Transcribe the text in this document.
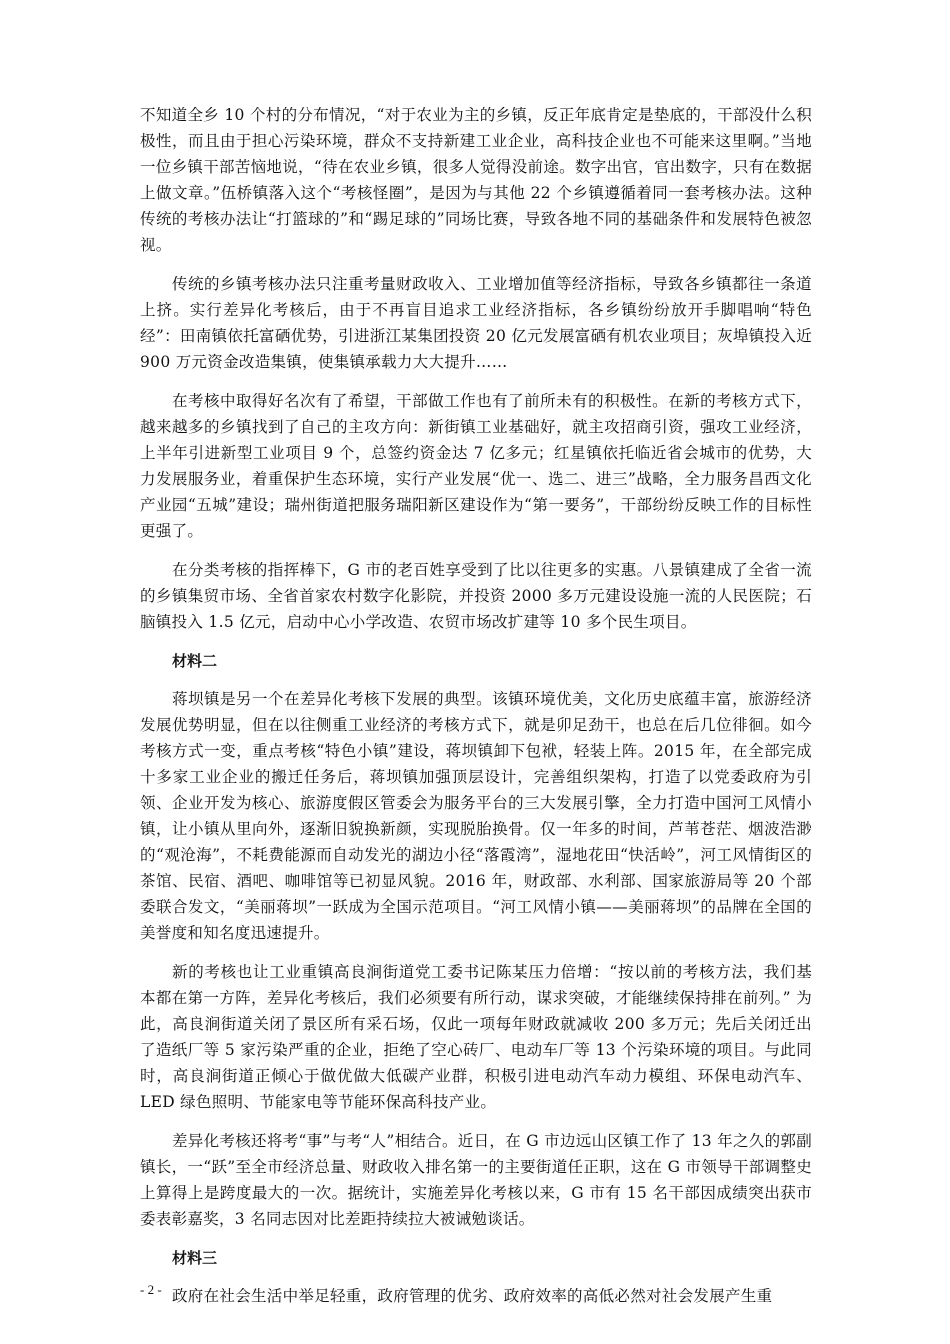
不知道全乡 10 个村的分布情况，“对于农业为主的乡镇，反正年底肯定是垫底的，干部没什么积极性，而且由于担心污染环境，群众不支持新建工业企业，高科技企业也不可能来这里啊。”当地一位乡镇干部苦恼地说，“待在农业乡镇，很多人觉得没前途。数字出官，官出数字，只有在数据上做文章。”伍桥镇落入这个“考核怪圈”，是因为与其他 22 个乡镇遵循着同一套考核办法。这种传统的考核办法让“打篮球的”和“踢足球的”同场比赛，导致各地不同的基础条件和发展特色被忽视。

传统的乡镇考核办法只注重考量财政收入、工业增加值等经济指标，导致各乡镇都往一条道上挤。实行差异化考核后，由于不再盲目追求工业经济指标，各乡镇纷纷放开手脚唱响“特色经”：田南镇依托富硒优势，引进浙江某集团投资 20 亿元发展富硒有机农业项目；灰埠镇投入近 900 万元资金改造集镇，使集镇承载力大大提升……

在考核中取得好名次有了希望，干部做工作也有了前所未有的积极性。在新的考核方式下，越来越多的乡镇找到了自己的主攻方向：新街镇工业基础好，就主攻招商引资，强攻工业经济，上半年引进新型工业项目 9 个，总签约资金达 7 亿多元；红星镇依托临近省会城市的优势，大力发展服务业，着重保护生态环境，实行产业发展“优一、选二、进三”战略，全力服务昌西文化产业园“五城”建设；瑞州街道把服务瑞阳新区建设作为“第一要务”，干部纷纷反映工作的目标性更强了。

在分类考核的指挥棒下，G 市的老百姓享受到了比以往更多的实惠。八景镇建成了全省一流的乡镇集贸市场、全省首家农村数字化影院，并投资 2000 多万元建设设施一流的人民医院；石脑镇投入 1.5 亿元，启动中心小学改造、农贸市场改扩建等 10 多个民生项目。

材料二

蒋坝镇是另一个在差异化考核下发展的典型。该镇环境优美，文化历史底蕴丰富，旅游经济发展优势明显，但在以往侧重工业经济的考核方式下，就是卯足劲干，也总在后几位徘徊。如今考核方式一变，重点考核“特色小镇”建设，蒋坝镇卸下包袱，轻装上阵。2015 年，在全部完成十多家工业企业的搬迁任务后，蒋坝镇加强顶层设计，完善组织架构，打造了以党委政府为引领、企业开发为核心、旅游度假区管委会为服务平台的三大发展引擎，全力打造中国河工风情小镇，让小镇从里向外，逐渐旧貌换新颜，实现脱胎换骨。仅一年多的时间，芦苇苍茫、烟波浩渺的“观沧海”，不耗费能源而自动发光的湖边小径“落霞湾”，湿地花田“快活岭”，河工风情街区的茶馆、民宿、酒吧、咖啡馆等已初显风貌。2016 年，财政部、水利部、国家旅游局等 20 个部委联合发文，“美丽蒋坝”一跃成为全国示范项目。“河工风情小镇——美丽蒋坝”的品牌在全国的美誉度和知名度迅速提升。

新的考核也让工业重镇高良涧街道党工委书记陈某压力倍增：“按以前的考核方法，我们基本都在第一方阵，差异化考核后，我们必须要有所行动，谋求突破，才能继续保持排在前列。” 为此，高良涧街道关闭了景区所有采石场，仅此一项每年财政就减收 200 多万元；先后关闭迁出了造纸厂等 5 家污染严重的企业，拒绝了空心砖厂、电动车厂等 13 个污染环境的项目。与此同时，高良涧街道正倾心于做优做大低碳产业群，积极引进电动汽车动力模组、环保电动汽车、LED 绿色照明、节能家电等节能环保高科技产业。

差异化考核还将考“事”与考“人”相结合。近日，在 G 市边远山区镇工作了 13 年之久的郭副镇长，一“跃”至全市经济总量、财政收入排名第一的主要街道任正职，这在 G 市领导干部调整史上算得上是跨度最大的一次。据统计，实施差异化考核以来，G 市有 15 名干部因成绩突出获市委表彰嘉奖，3 名同志因对比差距持续拉大被诫勉谈话。

材料三

政府在社会生活中举足轻重，政府管理的优劣、政府效率的高低必然对社会发展产生重

- 2 -
